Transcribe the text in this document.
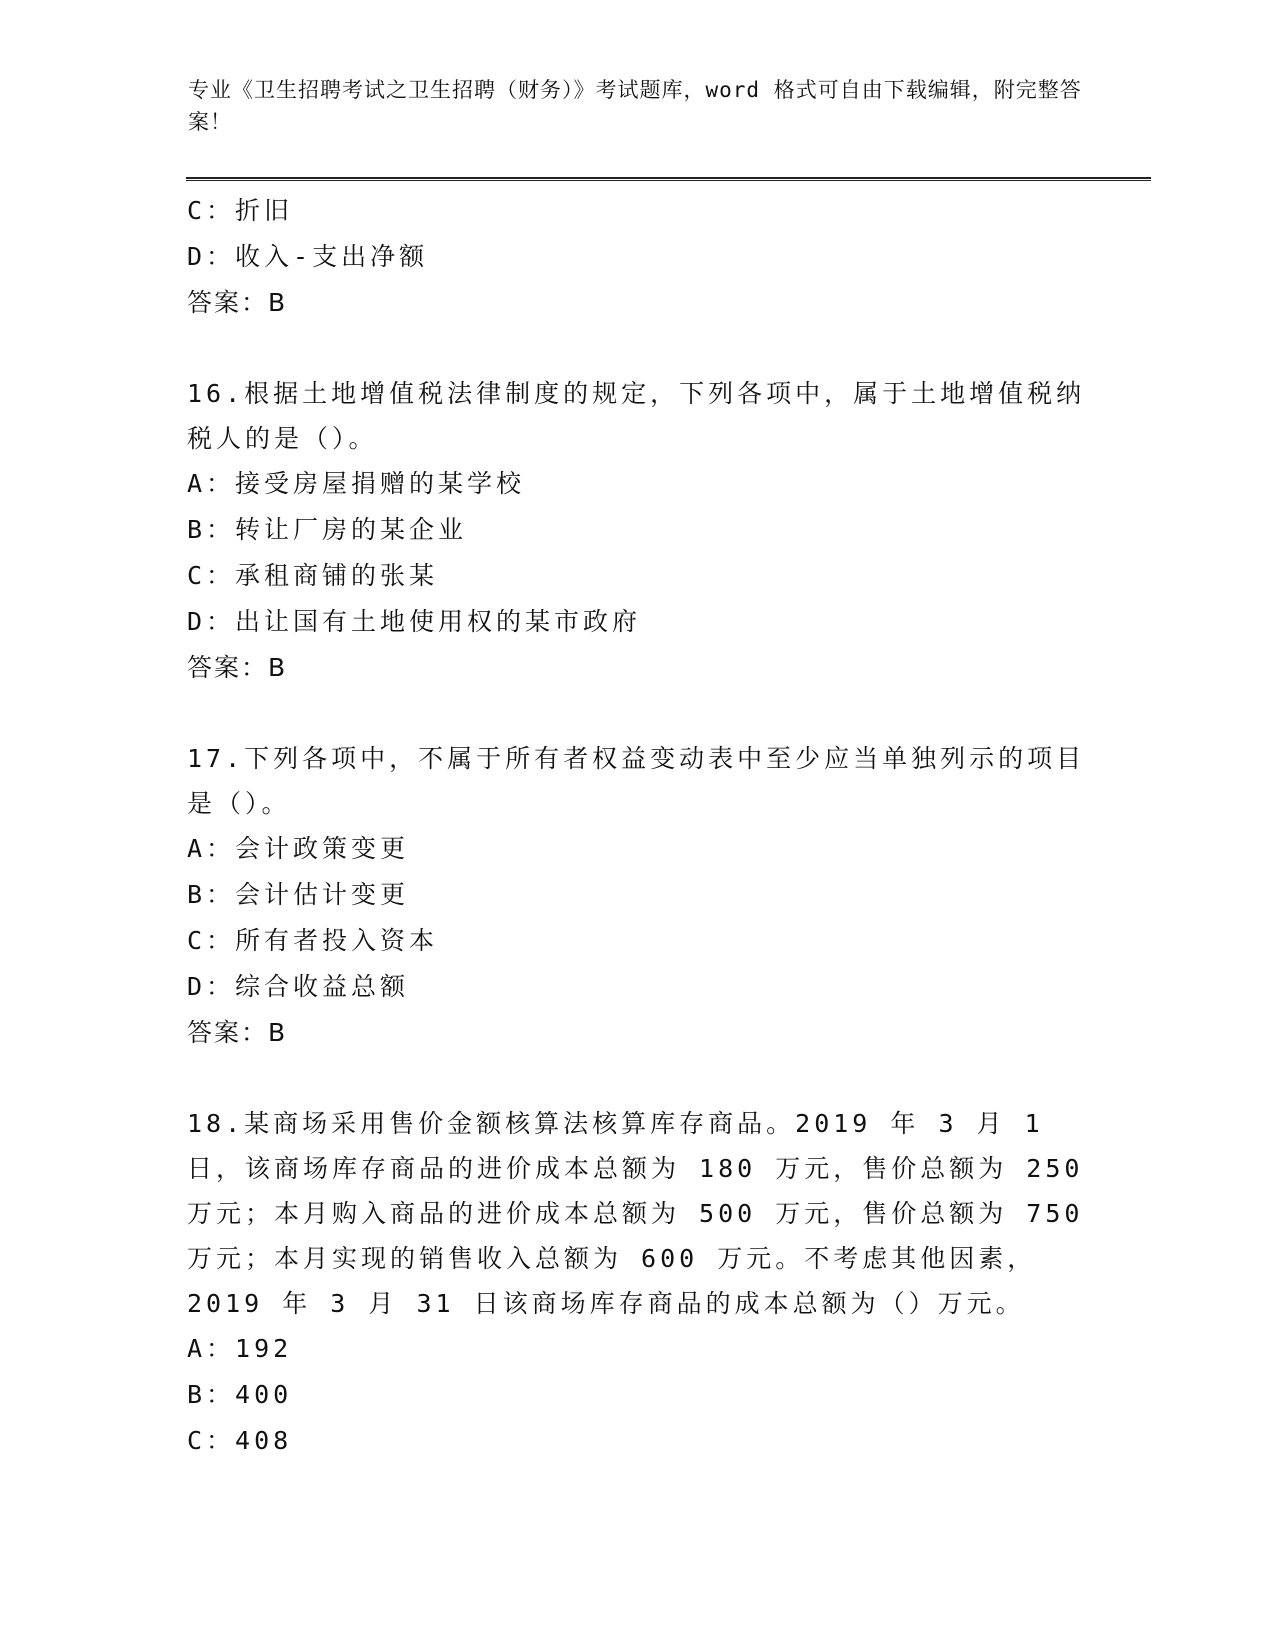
专业《卫生招聘考试之卫生招聘（财务）》考试题库，word 格式可自由下载编辑，附完整答案！
C：折旧
D：收入-支出净额
答案：B
16.根据土地增值税法律制度的规定，下列各项中，属于土地增值税纳税人的是（）。
A：接受房屋捐赠的某学校
B：转让厂房的某企业
C：承租商铺的张某
D：出让国有土地使用权的某市政府
答案：B
17.下列各项中，不属于所有者权益变动表中至少应当单独列示的项目是（）。
A：会计政策变更
B：会计估计变更
C：所有者投入资本
D：综合收益总额
答案：B
18.某商场采用售价金额核算法核算库存商品。2019 年 3 月 1 日，该商场库存商品的进价成本总额为 180 万元，售价总额为 250 万元；本月购入商品的进价成本总额为 500 万元，售价总额为 750 万元；本月实现的销售收入总额为 600 万元。不考虑其他因素，2019 年 3 月 31 日该商场库存商品的成本总额为（）万元。
A：192
B：400
C：408
